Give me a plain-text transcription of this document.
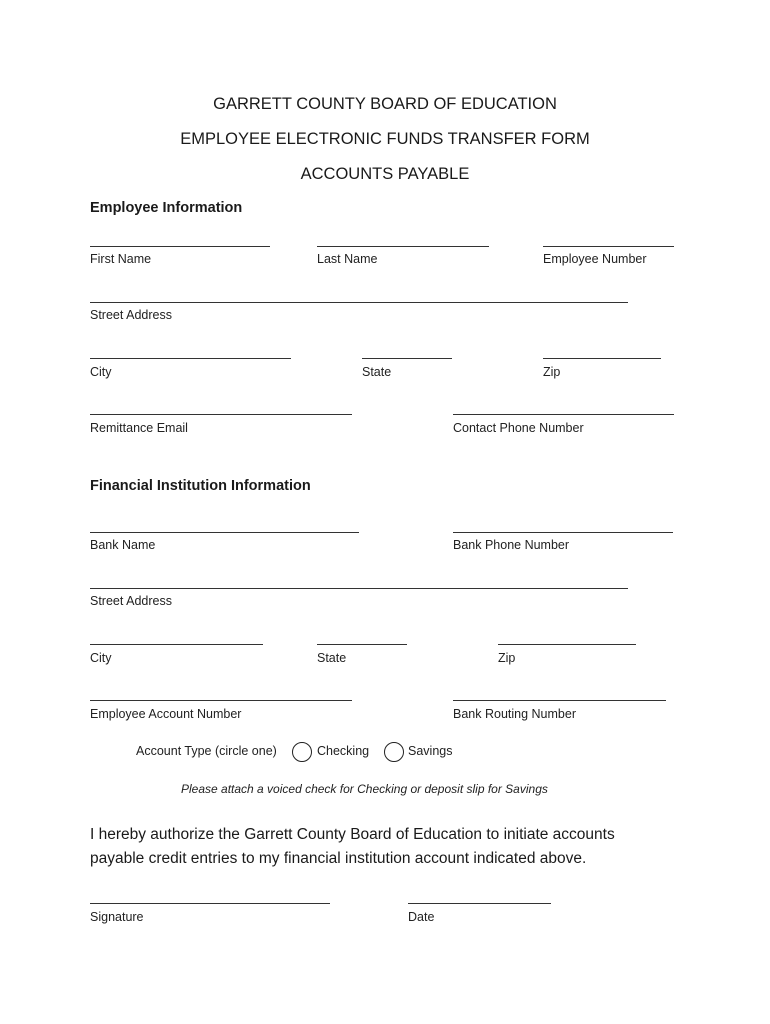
GARRETT COUNTY BOARD OF EDUCATION
EMPLOYEE ELECTRONIC FUNDS TRANSFER FORM
ACCOUNTS PAYABLE
Employee Information
First Name	Last Name	Employee Number
Street Address
City	State	Zip
Remittance Email	Contact Phone Number
Financial Institution Information
Bank Name	Bank Phone Number
Street Address
City	State	Zip
Employee Account Number	Bank Routing Number
Account Type (circle one)	Checking	Savings
Please attach a voiced check for Checking or deposit slip for Savings
I hereby authorize the Garrett County Board of Education to initiate accounts
payable credit entries to my financial institution account indicated above.
Signature	Date
